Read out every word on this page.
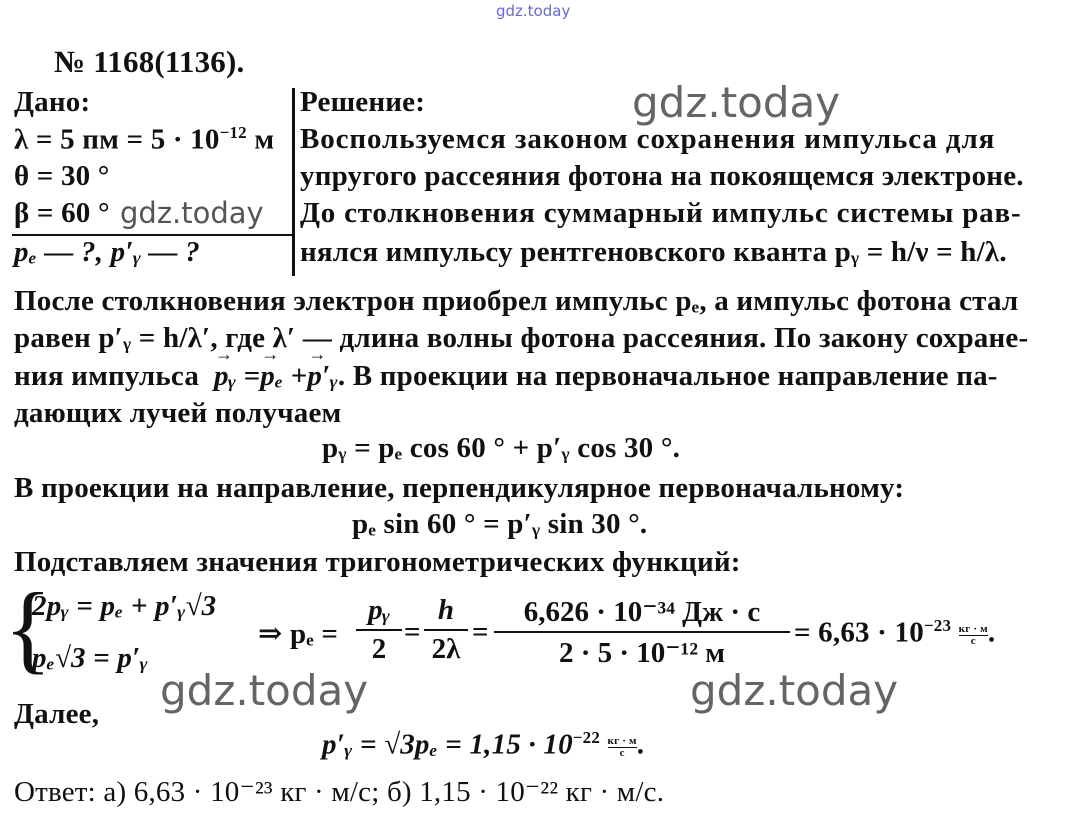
gdz.today
gdz.today
gdz.today
gdz.today	gdz.today
№ 1168(1136).
Дано:
λ = 5 пм = $5 \cdot 10^{-12}$ м
θ = 30 °
β = 60 °
pₑ — ?, p′ᵧ — ?
Решение:
Воспользуемся законом сохранения импульса для
упругого рассеяния фотона на покоящемся электроне.
До столкновения суммарный импульс системы рав-
нялся импульсу рентгеновского кванта pᵧ = h/ν = h/λ.
После столкновения электрон приобрел импульс pₑ, а импульс фотона стал
равен p′ᵧ = h/λ′, где λ′ — длина волны фотона рассеяния. По закону сохране-
ния импульса  → pᵧ =→ pₑ +→ p′ᵧ. В проекции на первоначальное направление па-
дающих лучей получаем
pᵧ = pₑ cos 60 ° + p′ᵧ cos 30 °.
В проекции на направление, перпендикулярное первоначальному:
pₑ sin 60 ° = p′ᵧ sin 30 °.
Подставляем значения тригонометрических функций:
{
2pᵧ = pₑ + p′ᵧ√3
pₑ√3 = p′ᵧ
⇒ pₑ =
pᵧ
2
=
h
2λ
=
6,626 · 10⁻³⁴ Дж · с
2 · 5 · 10⁻¹² м
= $6,63 \cdot 10^{-23} \frac{кг \cdot м}{с}$ .
Далее,
p′ᵧ = $√3p_e = 1,15 \cdot 10^{-22} \frac{кг \cdot м}{с}$ .
Ответ: а) 6,63 · 10⁻²³ кг · м/с; б) 1,15 · 10⁻²² кг · м/с.
